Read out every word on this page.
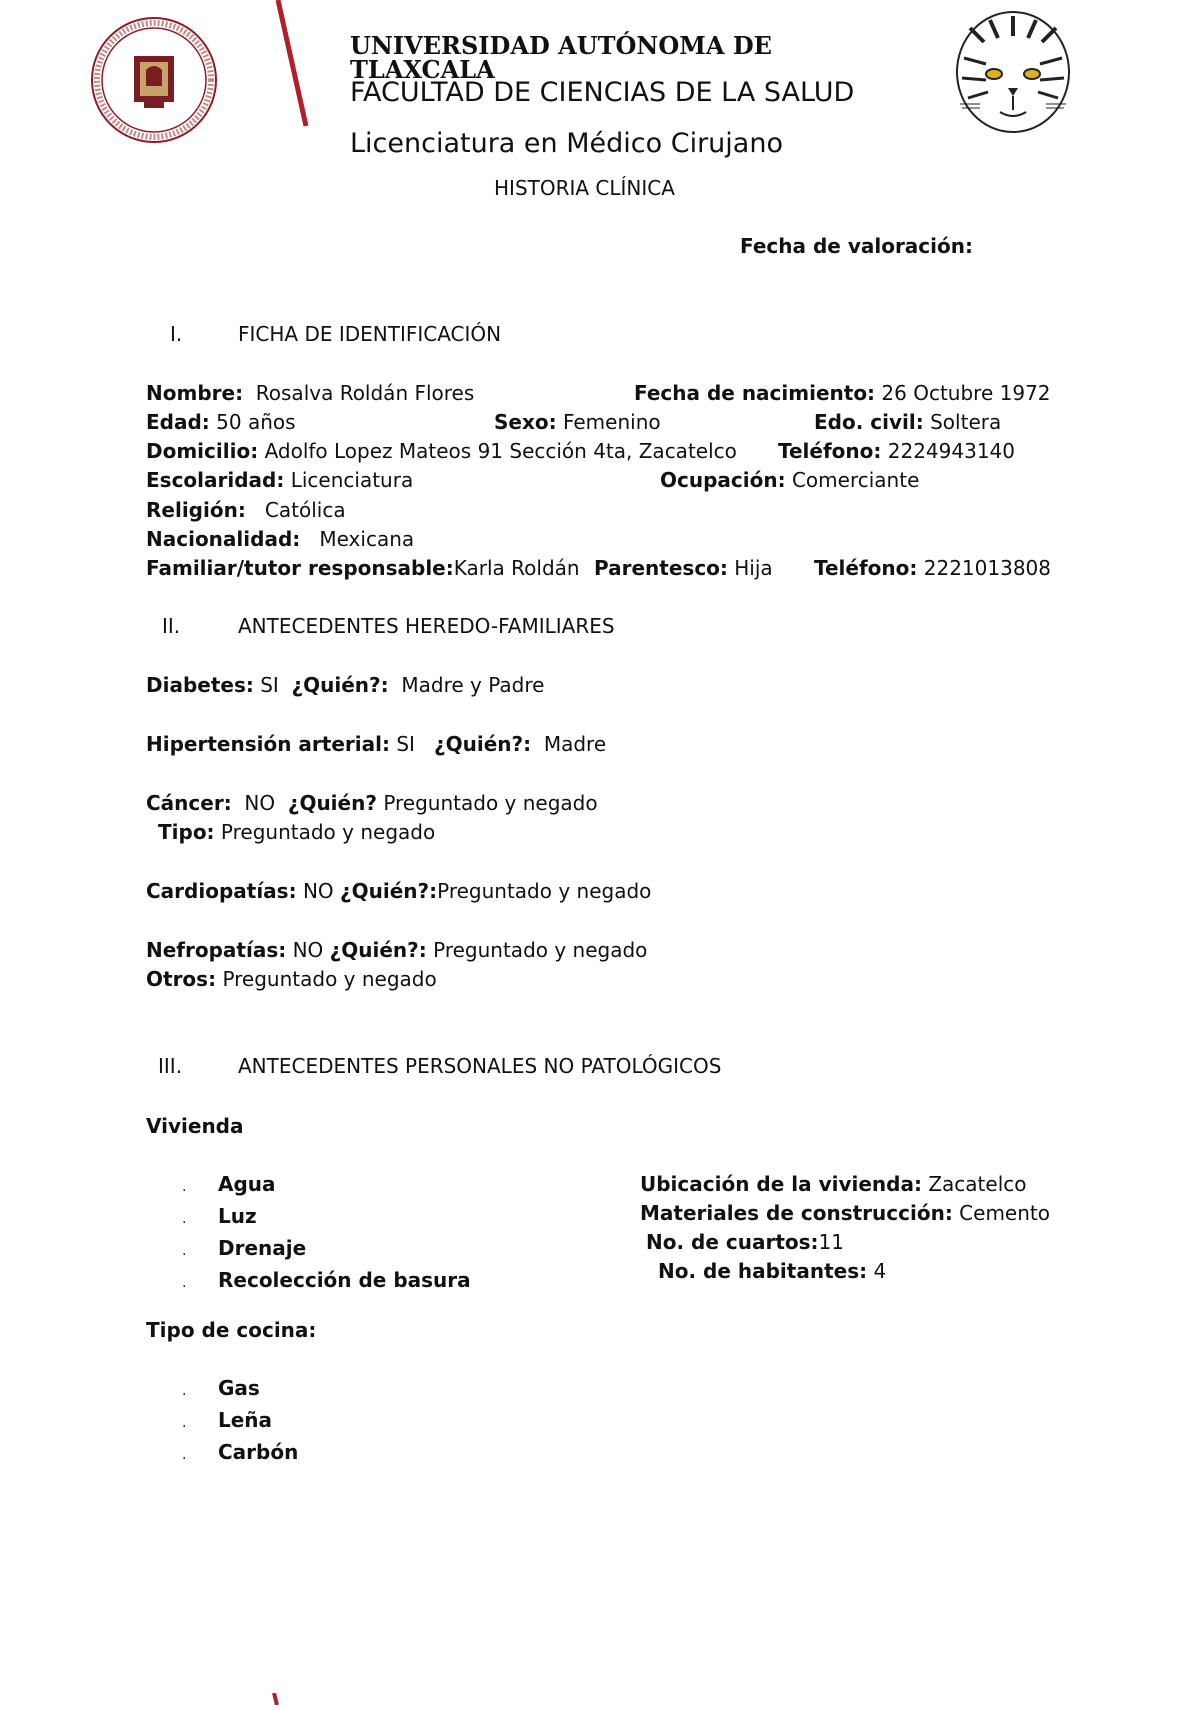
UNIVERSIDAD AUTÓNOMA DE TLAXCALA
FACULTAD DE CIENCIAS DE LA SALUD
Licenciatura en Médico Cirujano
HISTORIA CLÍNICA
Fecha de valoración:
I.	FICHA DE IDENTIFICACIÓN
Nombre: Rosalva Roldán Flores	Fecha de nacimiento: 26 Octubre 1972
Edad: 50 años	Sexo: Femenino	Edo. civil: Soltera
Domicilio: Adolfo Lopez Mateos 91 Sección 4ta, Zacatelco Teléfono: 2224943140
Escolaridad: Licenciatura	Ocupación: Comerciante
Religión: Católica
Nacionalidad: Mexicana
Familiar/tutor responsable:Karla Roldán Parentesco: Hija Teléfono: 2221013808
II.	ANTECEDENTES HEREDO-FAMILIARES
Diabetes: SI ¿Quién?: Madre y Padre
Hipertensión arterial: SI ¿Quién?: Madre
Cáncer: NO ¿Quién? Preguntado y negado
Tipo: Preguntado y negado
Cardiopatías: NO ¿Quién?:Preguntado y negado
Nefropatías: NO ¿Quién?: Preguntado y negado
Otros: Preguntado y negado
III.	ANTECEDENTES PERSONALES NO PATOLÓGICOS
Vivienda
. Agua
. Luz
. Drenaje
. Recolección de basura
Ubicación de la vivienda: Zacatelco
Materiales de construcción: Cemento
No. de cuartos:11
No. de habitantes: 4
Tipo de cocina:
. Gas
. Leña
. Carbón
